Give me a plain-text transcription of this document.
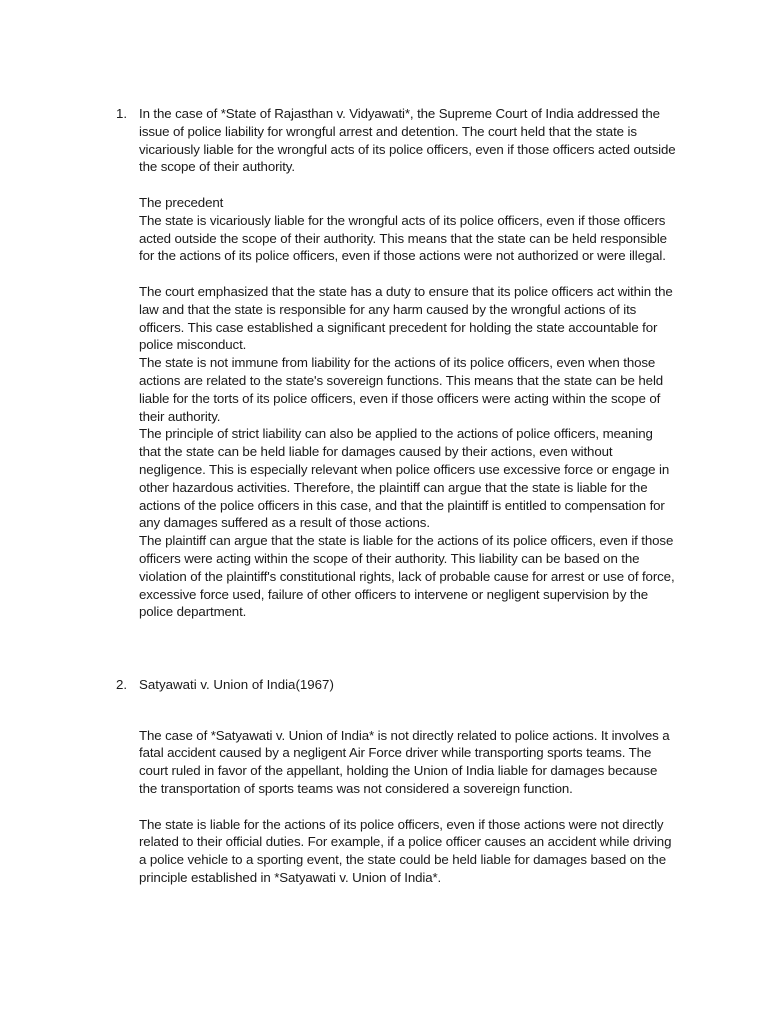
1. In the case of *State of Rajasthan v. Vidyawati*, the Supreme Court of India addressed the issue of police liability for wrongful arrest and detention. The court held that the state is vicariously liable for the wrongful acts of its police officers, even if those officers acted outside the scope of their authority.

The precedent

The state is vicariously liable for the wrongful acts of its police officers, even if those officers acted outside the scope of their authority. This means that the state can be held responsible for the actions of its police officers, even if those actions were not authorized or were illegal.

The court emphasized that the state has a duty to ensure that its police officers act within the law and that the state is responsible for any harm caused by the wrongful actions of its officers. This case established a significant precedent for holding the state accountable for police misconduct.

The state is not immune from liability for the actions of its police officers, even when those actions are related to the state's sovereign functions. This means that the state can be held liable for the torts of its police officers, even if those officers were acting within the scope of their authority.

The principle of strict liability can also be applied to the actions of police officers, meaning that the state can be held liable for damages caused by their actions, even without negligence. This is especially relevant when police officers use excessive force or engage in other hazardous activities. Therefore, the plaintiff can argue that the state is liable for the actions of the police officers in this case, and that the plaintiff is entitled to compensation for any damages suffered as a result of those actions.

The plaintiff can argue that the state is liable for the actions of its police officers, even if those officers were acting within the scope of their authority. This liability can be based on the violation of the plaintiff's constitutional rights, lack of probable cause for arrest or use of force, excessive force used, failure of other officers to intervene or negligent supervision by the police department.

2. Satyawati v. Union of India(1967)

The case of *Satyawati v. Union of India* is not directly related to police actions. It involves a fatal accident caused by a negligent Air Force driver while transporting sports teams. The court ruled in favor of the appellant, holding the Union of India liable for damages because the transportation of sports teams was not considered a sovereign function.

The state is liable for the actions of its police officers, even if those actions were not directly related to their official duties. For example, if a police officer causes an accident while driving a police vehicle to a sporting event, the state could be held liable for damages based on the principle established in *Satyawati v. Union of India*.
